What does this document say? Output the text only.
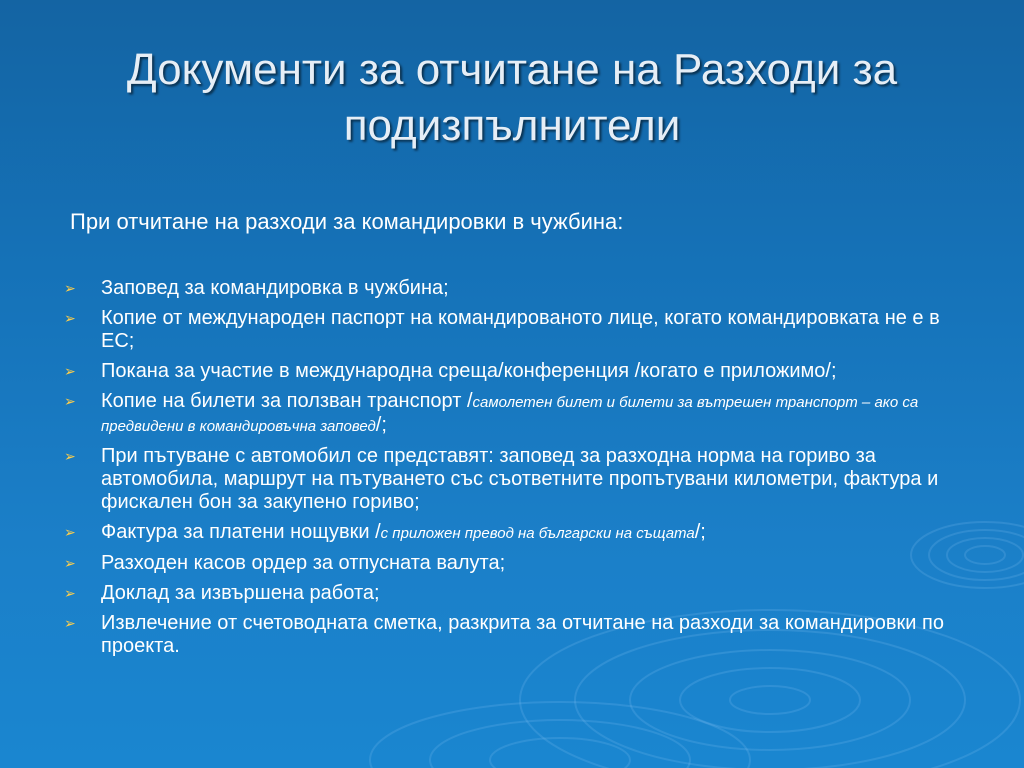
Документи за отчитане на Разходи за подизпълнители
При отчитане на разходи за командировки в чужбина:
➢ Заповед за командировка в чужбина;
➢ Копие от международен паспорт на командированото лице, когато командировката не е в ЕС;
➢ Покана за участие в международна среща/конференция /когато е приложимо/;
➢ Копие на билети за ползван транспорт /самолетен билет и билети за вътрешен транспорт – ако са предвидени в командировъчна заповед/;
➢ При пътуване с автомобил се представят: заповед за разходна норма на гориво за автомобила, маршрут на пътуването със съответните пропътувани километри, фактура и фискален бон за закупено гориво;
➢ Фактура за платени нощувки /с приложен превод на български на същата/;
➢ Разходен касов ордер за отпусната валута;
➢ Доклад за извършена работа;
➢ Извлечение от счетоводната сметка, разкрита за отчитане на разходи за командировки по проекта.
